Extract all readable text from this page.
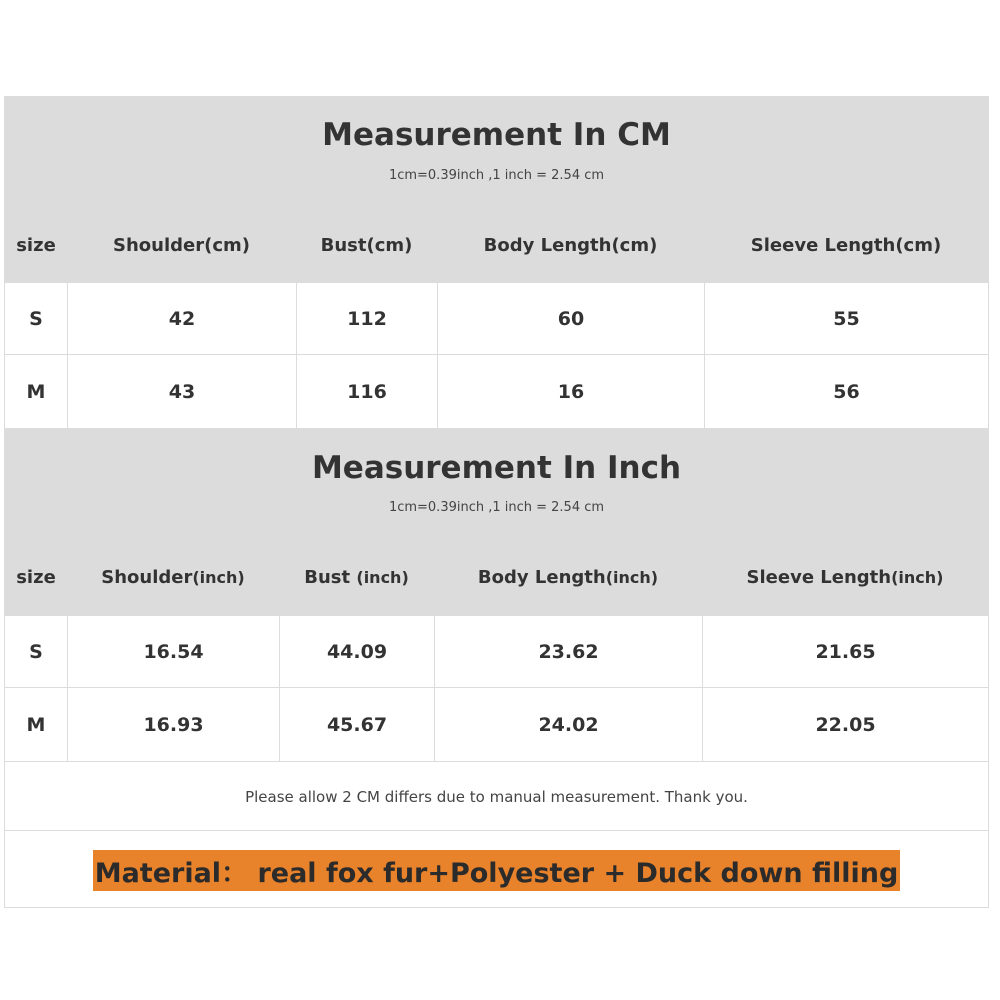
Measurement In CM
1cm=0.39inch ,1 inch = 2.54 cm
size	Shoulder(cm)	Bust(cm)	Body Length(cm)	Sleeve Length(cm)
S	42	112	60	55
M	43	116	16	56
Measurement In Inch
1cm=0.39inch ,1 inch = 2.54 cm
size	Shoulder (inch)	Bust (inch)	Body Length (inch)	Sleeve Length (inch)
S	16.54	44.09	23.62	21.65
M	16.93	45.67	24.02	22.05
Please allow 2 CM differs due to manual measurement. Thank you.
Material： real fox fur+Polyester + Duck down filling
